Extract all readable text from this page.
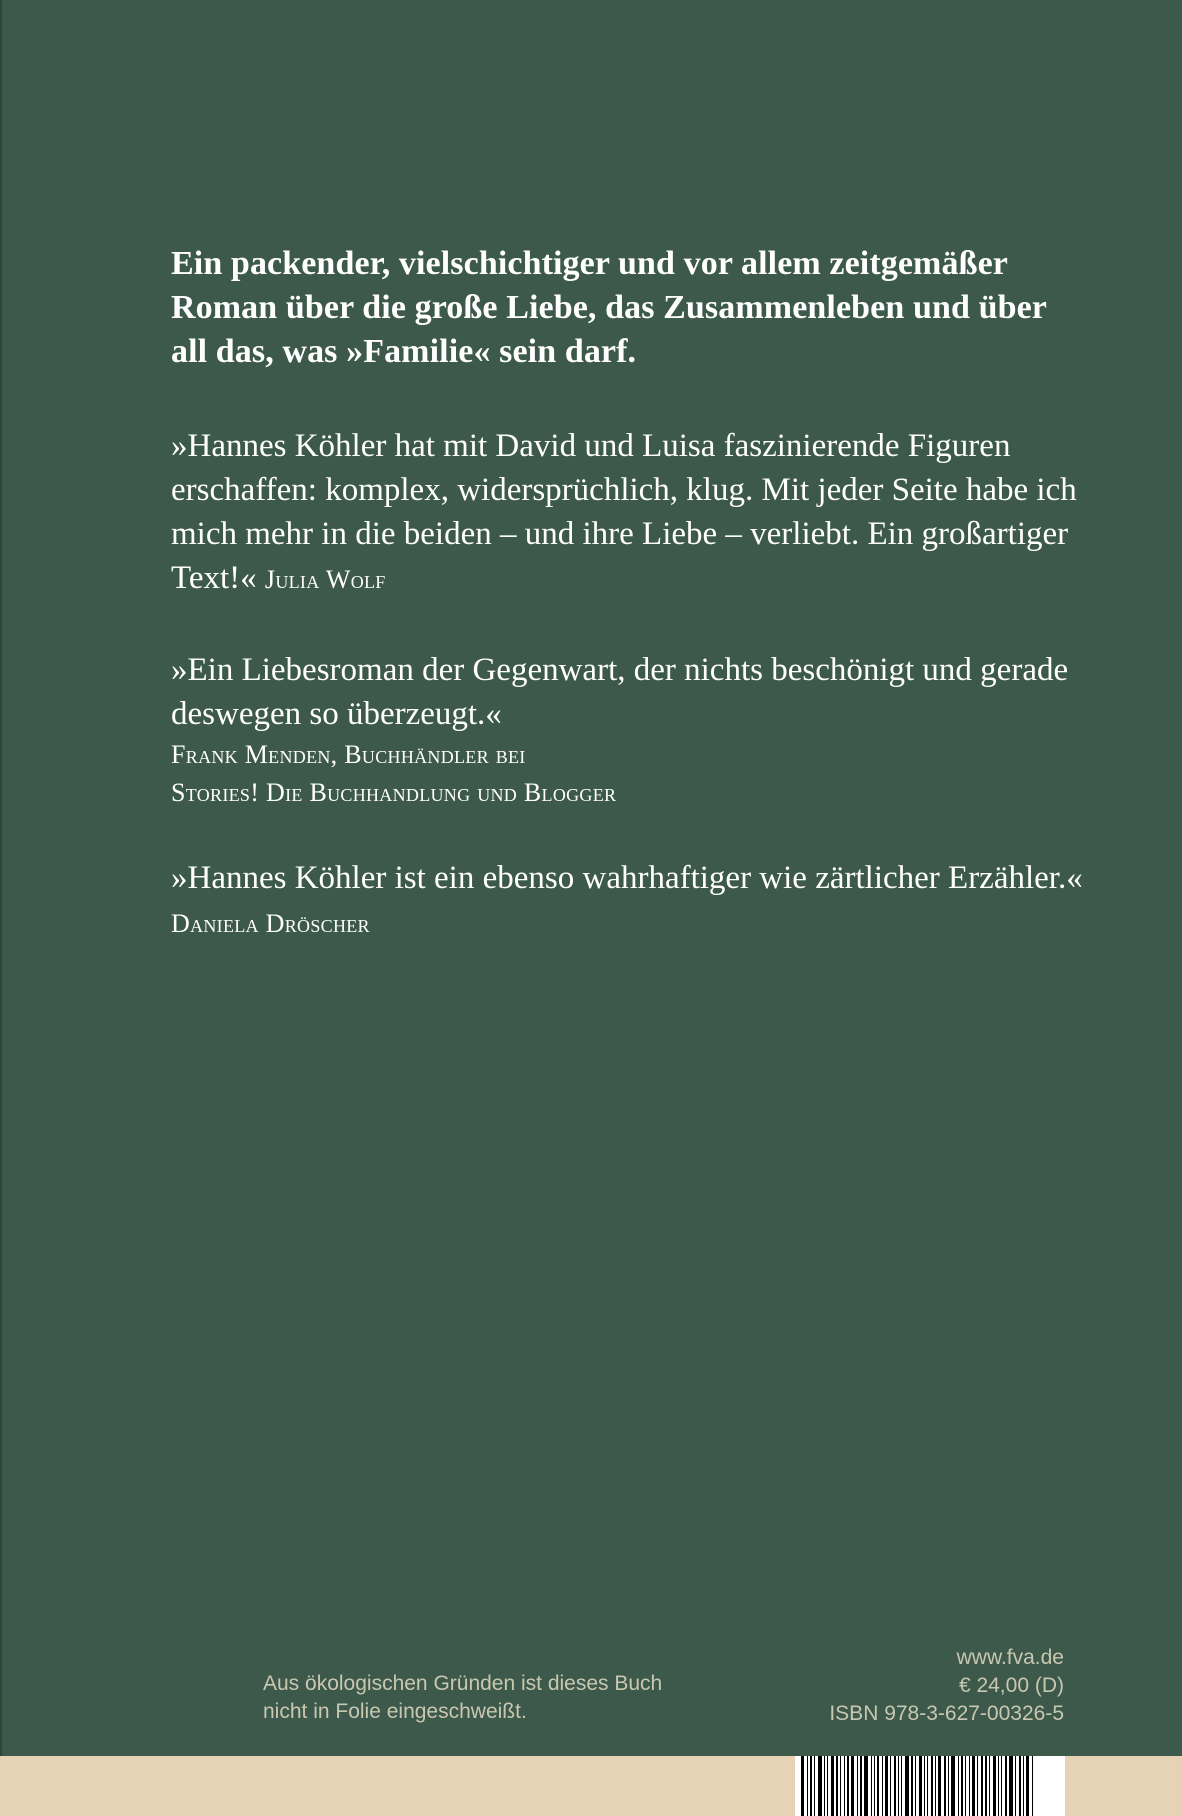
Ein packender, vielschichtiger und vor allem zeitgemäßer Roman über die große Liebe, das Zusammenleben und über all das, was »Familie« sein darf.

»Hannes Köhler hat mit David und Luisa faszinierende Figuren erschaffen: komplex, widersprüchlich, klug. Mit jeder Seite habe ich mich mehr in die beiden – und ihre Liebe – verliebt. Ein großartiger Text!« Julia Wolf

»Ein Liebesroman der Gegenwart, der nichts beschönigt und gerade deswegen so überzeugt.«
Frank Menden, Buchhändler bei
Stories! Die Buchhandlung und Blogger

»Hannes Köhler ist ein ebenso wahrhaftiger wie zärtlicher Erzähler.« Daniela Dröscher

Aus ökologischen Gründen ist dieses Buch nicht in Folie eingeschweißt.
www.fva.de
€ 24,00 (D)
ISBN 978-3-627-00326-5
